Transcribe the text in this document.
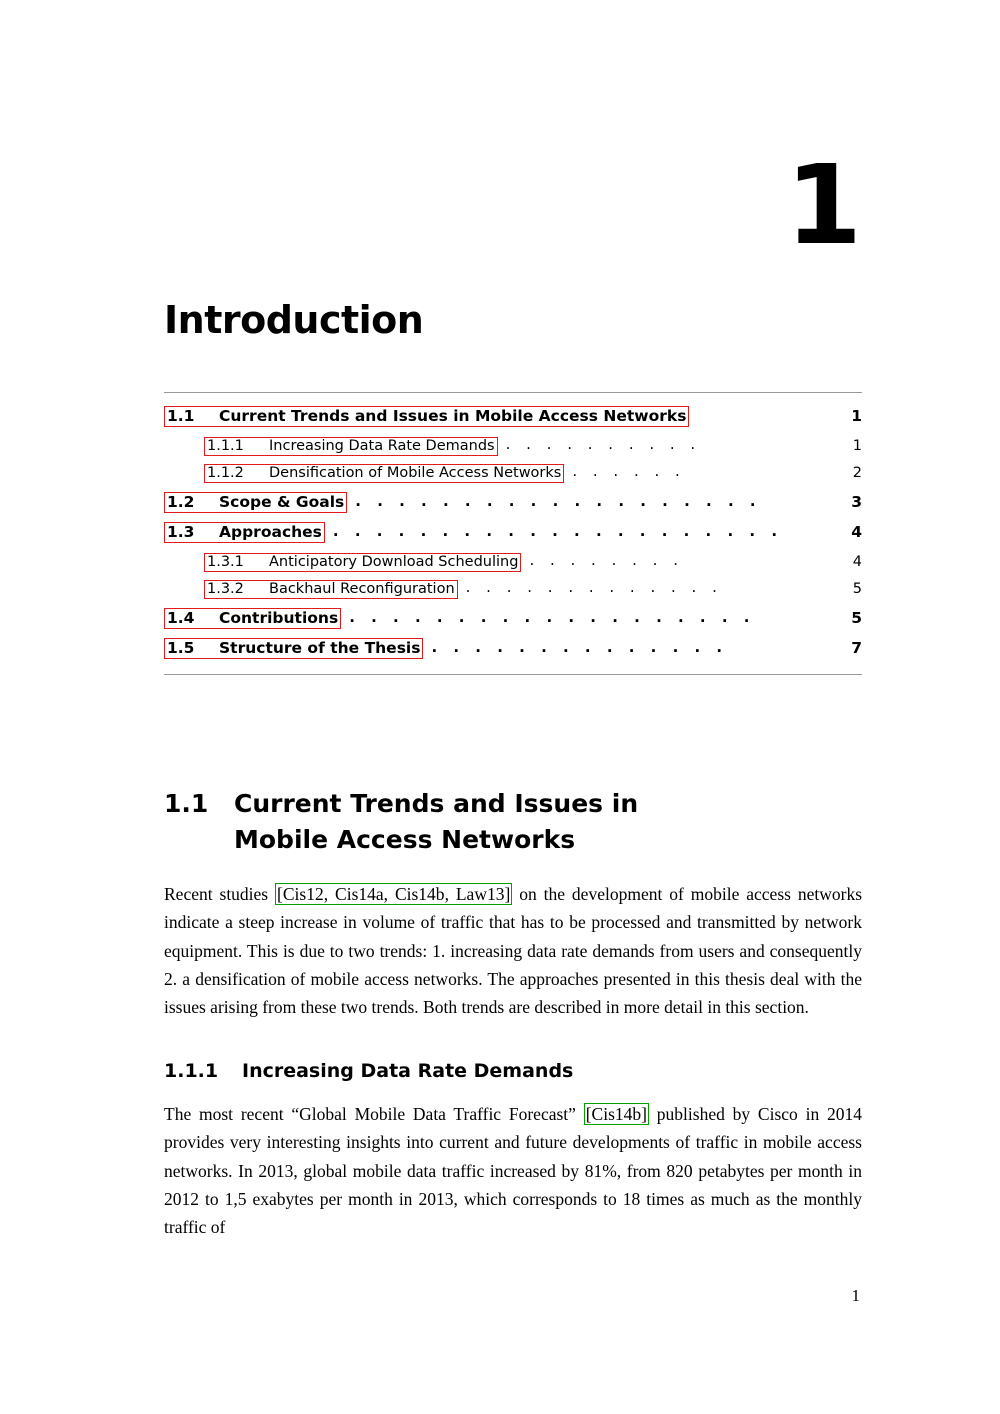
1
Introduction
1.1 Current Trends and Issues in Mobile Access Networks	1
1.1.1 Increasing Data Rate Demands . . . . . . . . . .	1
1.1.2 Densification of Mobile Access Networks . . . . . .	2
1.2 Scope & Goals . . . . . . . . . . . . . . . . . . .	3
1.3 Approaches . . . . . . . . . . . . . . . . . . . . .	4
1.3.1 Anticipatory Download Scheduling . . . . . . . .	4
1.3.2 Backhaul Reconfiguration . . . . . . . . . . . . .	5
1.4 Contributions . . . . . . . . . . . . . . . . . . .	5
1.5 Structure of the Thesis . . . . . . . . . . . . . .	7
1.1 Current Trends and Issues in Mobile Access Networks
Recent studies [Cis12, Cis14a, Cis14b, Law13] on the development of mobile access networks indicate a steep increase in volume of traffic that has to be processed and transmitted by network equipment. This is due to two trends: 1. increasing data rate demands from users and consequently 2. a densification of mobile access networks. The approaches presented in this thesis deal with the issues arising from these two trends. Both trends are described in more detail in this section.
1.1.1 Increasing Data Rate Demands
The most recent “Global Mobile Data Traffic Forecast” [Cis14b] published by Cisco in 2014 provides very interesting insights into current and future developments of traffic in mobile access networks. In 2013, global mobile data traffic increased by 81%, from 820 petabytes per month in 2012 to 1,5 exabytes per month in 2013, which corresponds to 18 times as much as the monthly traffic of
1
